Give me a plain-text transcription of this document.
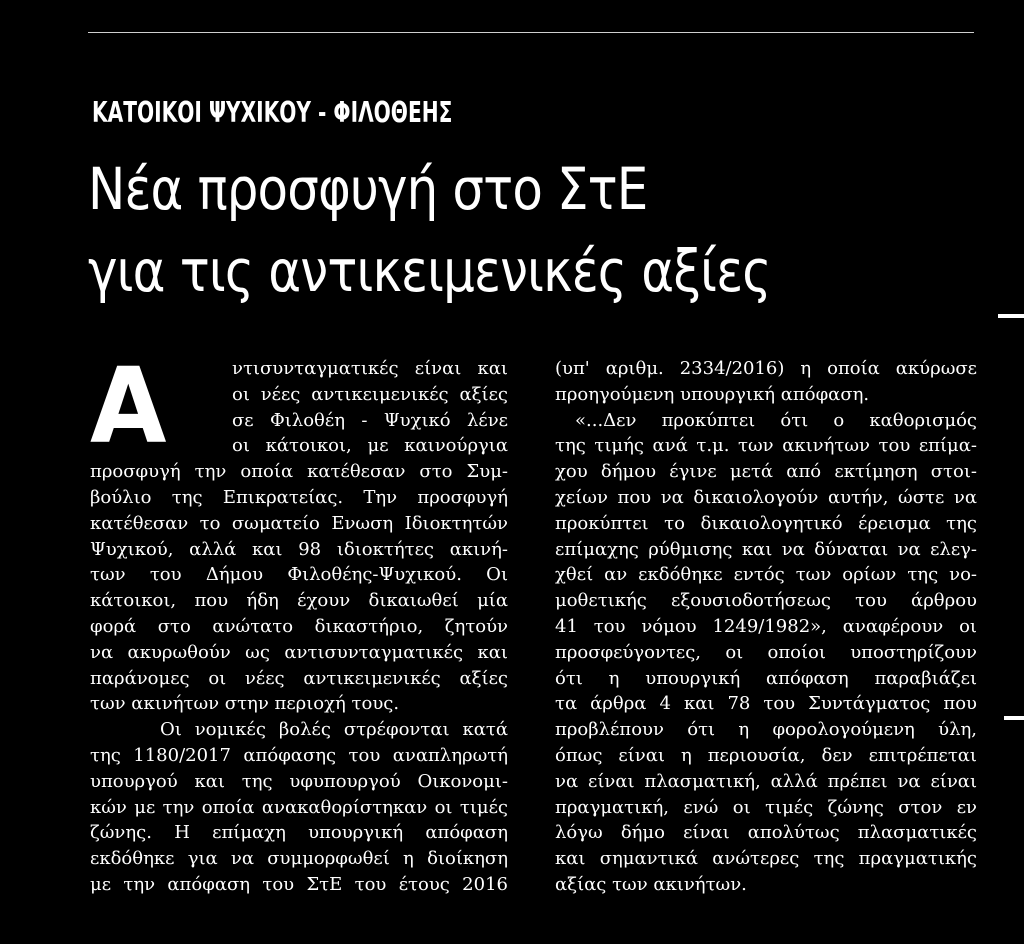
ΚΑΤΟΙΚΟΙ ΨΥΧΙΚΟΥ - ΦΙΛΟΘΕΗΣ
Νέα προσφυγή στο ΣτΕ
για τις αντικειμενικές αξίες
Α	ντισυνταγματικές είναι και
οι νέες αντικειμενικές αξίες
σε Φιλοθέη - Ψυχικό λένε
οι κάτοικοι, με καινούργια
προσφυγή την οποία κατέθεσαν στο Συμ-
βούλιο της Επικρατείας. Την προσφυγή
κατέθεσαν το σωματείο Ενωση Ιδιοκτητών
Ψυχικού, αλλά και 98 ιδιοκτήτες ακινή-
των του Δήμου Φιλοθέης-Ψυχικού. Οι
κάτοικοι, που ήδη έχουν δικαιωθεί μία
φορά στο ανώτατο δικαστήριο, ζητούν
να ακυρωθούν ως αντισυνταγματικές και
παράνομες οι νέες αντικειμενικές αξίες
των ακινήτων στην περιοχή τους.
Οι νομικές βολές στρέφονται κατά
της 1180/2017 απόφασης του αναπληρωτή
υπουργού και της υφυπουργού Οικονομι-
κών με την οποία ανακαθορίστηκαν οι τιμές
ζώνης. Η επίμαχη υπουργική απόφαση
εκδόθηκε για να συμμορφωθεί η διοίκηση
με την απόφαση του ΣτΕ του έτους 2016
(υπ' αριθμ. 2334/2016) η οποία ακύρωσε
προηγούμενη υπουργική απόφαση.
«...Δεν προκύπτει ότι ο καθορισμός
της τιμής ανά τ.μ. των ακινήτων του επίμα-
χου δήμου έγινε μετά από εκτίμηση στοι-
χείων που να δικαιολογούν αυτήν, ώστε να
προκύπτει το δικαιολογητικό έρεισμα της
επίμαχης ρύθμισης και να δύναται να ελεγ-
χθεί αν εκδόθηκε εντός των ορίων της νο-
μοθετικής εξουσιοδοτήσεως του άρθρου
41 του νόμου 1249/1982», αναφέρουν οι
προσφεύγοντες, οι οποίοι υποστηρίζουν
ότι η υπουργική απόφαση παραβιάζει
τα άρθρα 4 και 78 του Συντάγματος που
προβλέπουν ότι η φορολογούμενη ύλη,
όπως είναι η περιουσία, δεν επιτρέπεται
να είναι πλασματική, αλλά πρέπει να είναι
πραγματική, ενώ οι τιμές ζώνης στον εν
λόγω δήμο είναι απολύτως πλασματικές
και σημαντικά ανώτερες της πραγματικής
αξίας των ακινήτων.
